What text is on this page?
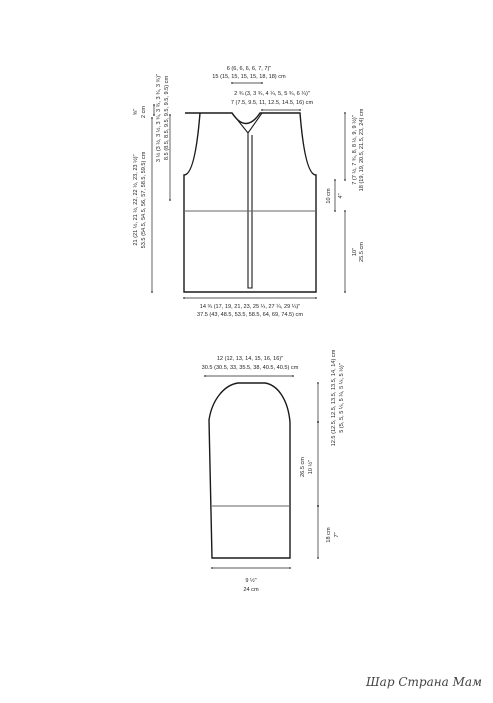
6 (6, 6, 6, 6, 7, 7)"
15 (15, 15, 15, 15, 18, 18) cm
2 ¾ (3, 3 ¾, 4 ¼, 5, 5 ¾, 6 ¼)"
7 (7.5, 9.5, 11, 12.5, 14.5, 16) cm
⅝" 2 cm 3 ½ (3 ½, 3 ½, 3 ¾, 3 ¾, 3 ¾, 3 ¾)" 8.5 (8.5, 8.5, 9.5, 9.5, 9.5, 9.5) cm
21 (21 ½, 21 ½, 22, 22 ½, 23, 23 ½)" 53.5 (54.5, 54.5, 56, 57, 58.5, 59.5) cm
7 (7 ½, 7 ¾, 8, 8 ½, 9, 9 ½)" 18 (19, 19, 20.5, 21.5, 23, 24) cm
4"
10 cm
10" 25.5 cm
14 ¾ (17, 19, 21, 23, 25 ¼, 27 ¼, 29 ¼)"
37.5 (43, 48.5, 53.5, 58.5, 64, 69, 74.5) cm
12 (12, 13, 14, 15, 16, 16)"
30.5 (30.5, 33, 35.5, 38, 40.5, 40.5) cm	5 (5, 5, 5 ¼, 5 ¼, 5 ¼, 5 ½)"
12.5 (12.5, 12.5, 13.5, 13.5, 14, 14) cm
10 ½"
26.5 cm
7"
18 cm
9 ½"
24 cm
Шар Страна Мам
